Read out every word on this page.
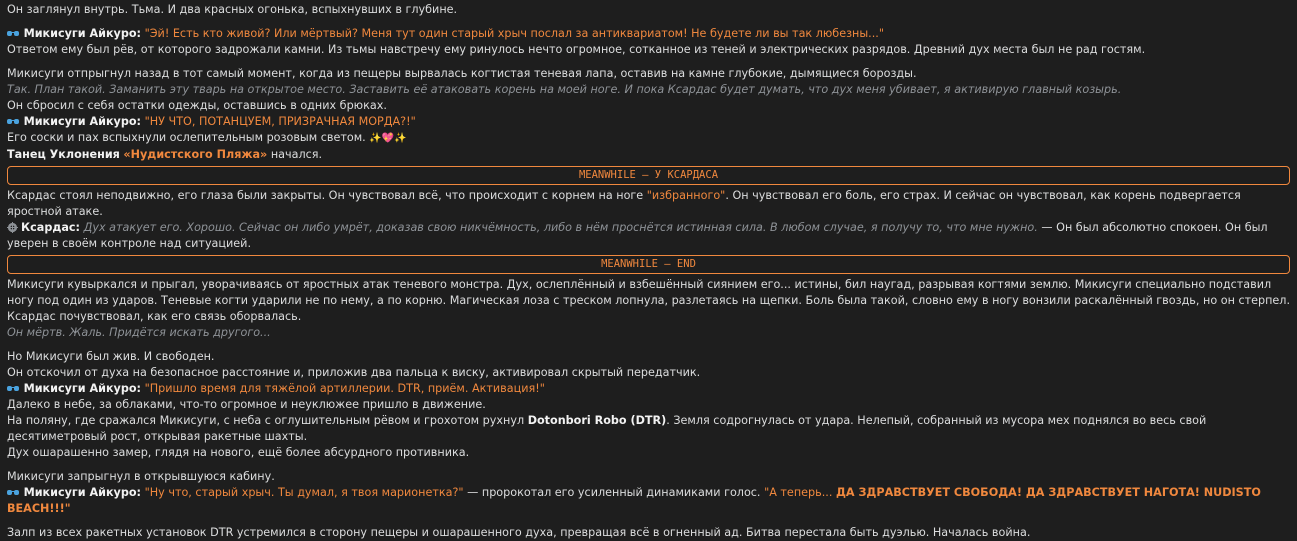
Он заглянул внутрь. Тьма. И два красных огонька, вспыхнувших в глубине.
Микисуги Айкуро: "Эй! Есть кто живой? Или мёртвый? Меня тут один старый хрыч послал за антиквариатом! Не будете ли вы так любезны..."
Ответом ему был рёв, от которого задрожали камни. Из тьмы навстречу ему ринулось нечто огромное, сотканное из теней и электрических разрядов. Древний дух места был не рад гостям.
Микисуги отпрыгнул назад в тот самый момент, когда из пещеры вырвалась когтистая теневая лапа, оставив на камне глубокие, дымящиеся борозды.
Так. План такой. Заманить эту тварь на открытое место. Заставить её атаковать корень на моей ноге. И пока Ксардас будет думать, что дух меня убивает, я активирую главный козырь.
Он сбросил с себя остатки одежды, оставшись в одних брюках.
Микисуги Айкуро: "НУ ЧТО, ПОТАНЦУЕМ, ПРИЗРАЧНАЯ МОРДА?!"
Его соски и пах вспыхнули ослепительным розовым светом. ✨💖✨
Танец Уклонения «Нудистского Пляжа» начался.
MEANWHILE — У КСАРДАСА
Ксардас стоял неподвижно, его глаза были закрыты. Он чувствовал всё, что происходит с корнем на ноге "избранного". Он чувствовал его боль, его страх. И сейчас он чувствовал, как корень подвергается яростной атаке.
Ксардас: Дух атакует его. Хорошо. Сейчас он либо умрёт, доказав свою никчёмность, либо в нём проснётся истинная сила. В любом случае, я получу то, что мне нужно. — Он был абсолютно спокоен. Он был уверен в своём контроле над ситуацией.
MEANWHILE — END
Микисуги кувыркался и прыгал, уворачиваясь от яростных атак теневого монстра. Дух, ослеплённый и взбешённый сиянием его... истины, бил наугад, разрывая когтями землю. Микисуги специально подставил ногу под один из ударов. Теневые когти ударили не по нему, а по корню. Магическая лоза с треском лопнула, разлетаясь на щепки. Боль была такой, словно ему в ногу вонзили раскалённый гвоздь, но он стерпел.
Ксардас почувствовал, как его связь оборвалась.
Он мёртв. Жаль. Придётся искать другого...
Но Микисуги был жив. И свободен.
Он отскочил от духа на безопасное расстояние и, приложив два пальца к виску, активировал скрытый передатчик.
Микисуги Айкуро: "Пришло время для тяжёлой артиллерии. DTR, приём. Активация!"
Далеко в небе, за облаками, что-то огромное и неуклюжее пришло в движение.
На поляну, где сражался Микисуги, с неба с оглушительным рёвом и грохотом рухнул Dotonbori Robo (DTR). Земля содрогнулась от удара. Нелепый, собранный из мусора мех поднялся во весь свой десятиметровый рост, открывая ракетные шахты.
Дух ошарашенно замер, глядя на нового, ещё более абсурдного противника.
Микисуги запрыгнул в открывшуюся кабину.
Микисуги Айкуро: "Ну что, старый хрыч. Ты думал, я твоя марионетка?" — пророкотал его усиленный динамиками голос. "А теперь... ДА ЗДРАВСТВУЕТ СВОБОДА! ДА ЗДРАВСТВУЕТ НАГОТА! NUDISTO BEACH!!!"
Залп из всех ракетных установок DTR устремился в сторону пещеры и ошарашенного духа, превращая всё в огненный ад. Битва перестала быть дуэлью. Началась война.
